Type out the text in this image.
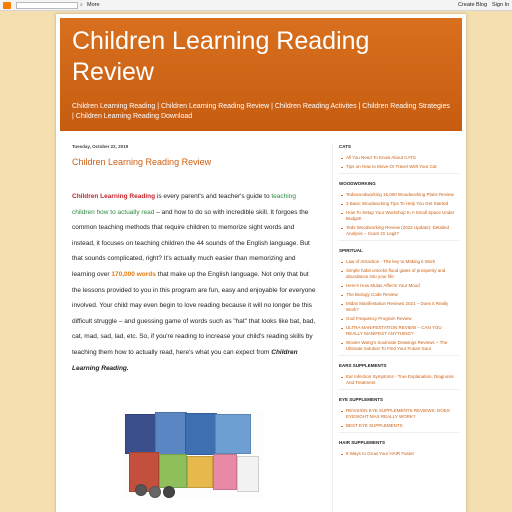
⌕ More	Create Blog Sign In
Children Learning Reading Review
Children Learning Reading | Children Learning Reading Review | Children Reading Activites | Children Reading Strategies | Children Learning Reading Download
Tuesday, October 22, 2019
Children Learning Reading Review
Children Learning Reading is every parent's and teacher's guide to teaching children how to actually read – and how to do so with incredible skill. It forgoes the common teaching methods that require children to memorize sight words and instead, it focuses on teaching children the 44 sounds of the English language. But that sounds complicated, right? It's actually much easier than memorizing and learning over 170,000 words that make up the English language. Not only that but the lessons provided to you in this program are fun, easy and enjoyable for everyone involved. Your child may even begin to love reading because it will no longer be this difficult struggle – and guessing game of words such as "hat" that looks like bat, bad, cat, mad, sad, lad, etc. So, if you're reading to increase your child's reading skills by teaching them how to actually read, here's what you can expect from Children Learning Reading.
CATS
All You Need To Know About CATS
Tips on How to Move Or Travel With Your Cat
WOODWORKING
Tedswoodworking 16,000 Woodworking Plans Review
3 Basic Woodworking Tips To Help You Get Started
How To Setup Your Workshop In A Small Space Under Budget!
Teds Woodworking Review (2022 Update): Detailed Analysis – Scam Or Legit?
SPIRITUAL
Law of Attraction - The key to Making it Work
Simple habit unlocks flood gates of prosperity and abundance into your life
Here's How Mulas Affects Your Mood
The Biology Code Review
Midas Manifestation Reviews 2021 – Does it Really Work?
God Frequency Program Review
ULTRA MANIFESTATION REVIEW – CAN YOU REALLY MANIFEST ANYTHING?
Wooler Wang's Soulmate Drawings Reviews – The Ultimate Solution To Find Your Future Soul
EARS SUPPLEMENTS
Ear Infection Symptoms - True Explanation, Diagnosis And Treatment
EYE SUPPLEMENTS
REVISION EYE SUPPLEMENTS REVIEWS: DOES EYESIGHT MAX REALLY WORK?
BEST EYE SUPPLEMENTS
HAIR SUPPLEMENTS
8 Ways to Grow Your HAIR Faster
